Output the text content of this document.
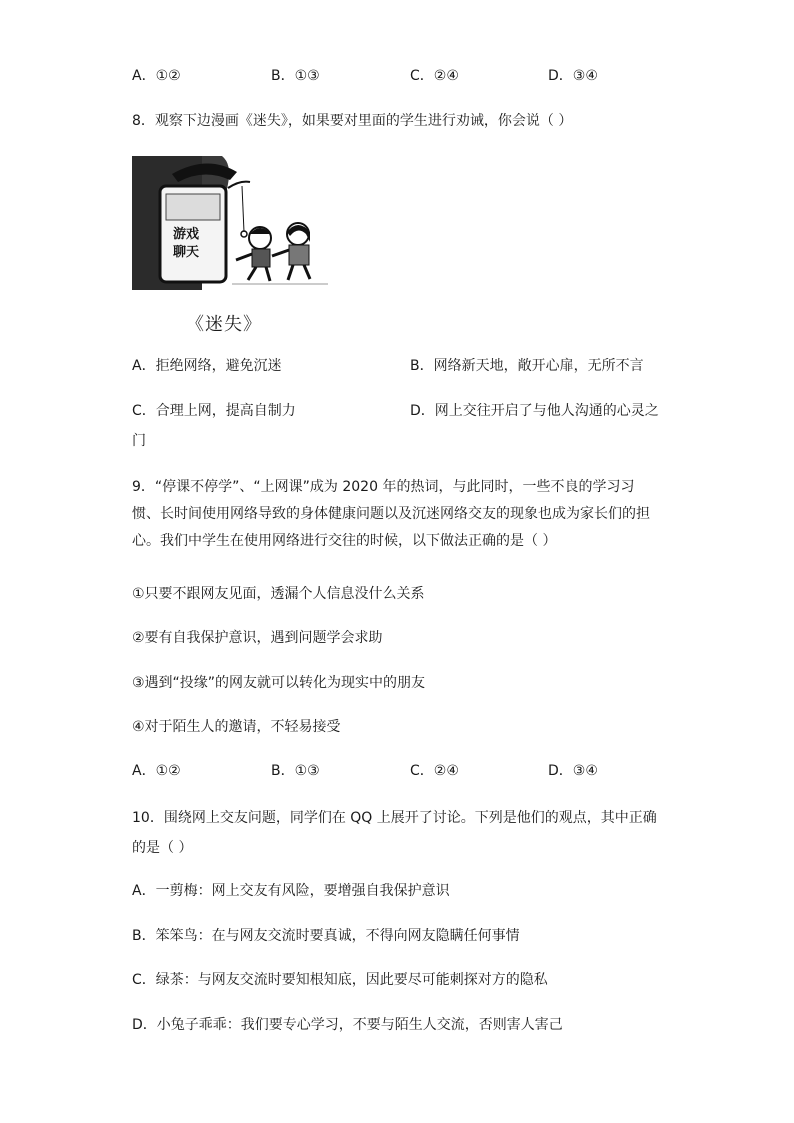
A．①②	B．①③	C．②④	D．③④
8．观察下边漫画《迷失》，如果要对里面的学生进行劝诫，你会说（ ）
游戏
聊天
《迷失》
A．拒绝网络，避免沉迷	B．网络新天地，敞开心扉，无所不言
C．合理上网，提高自制力	D．网上交往开启了与他人沟通的心灵之
门
9．“停课不停学”、“上网课”成为 2020 年的热词，与此同时，一些不良的学习习惯、长时间使用网络导致的身体健康问题以及沉迷网络交友的现象也成为家长们的担心。我们中学生在使用网络进行交往的时候，以下做法正确的是（ ）
①只要不跟网友见面，透漏个人信息没什么关系
②要有自我保护意识，遇到问题学会求助
③遇到“投缘”的网友就可以转化为现实中的朋友
④对于陌生人的邀请，不轻易接受
A．①②	B．①③	C．②④	D．③④
10．围绕网上交友问题，同学们在 QQ 上展开了讨论。下列是他们的观点，其中正确的是（ ）
A．一剪梅：网上交友有风险，要增强自我保护意识
B．笨笨鸟：在与网友交流时要真诚，不得向网友隐瞒任何事情
C．绿茶：与网友交流时要知根知底，因此要尽可能刺探对方的隐私
D．小兔子乖乖：我们要专心学习，不要与陌生人交流，否则害人害己
